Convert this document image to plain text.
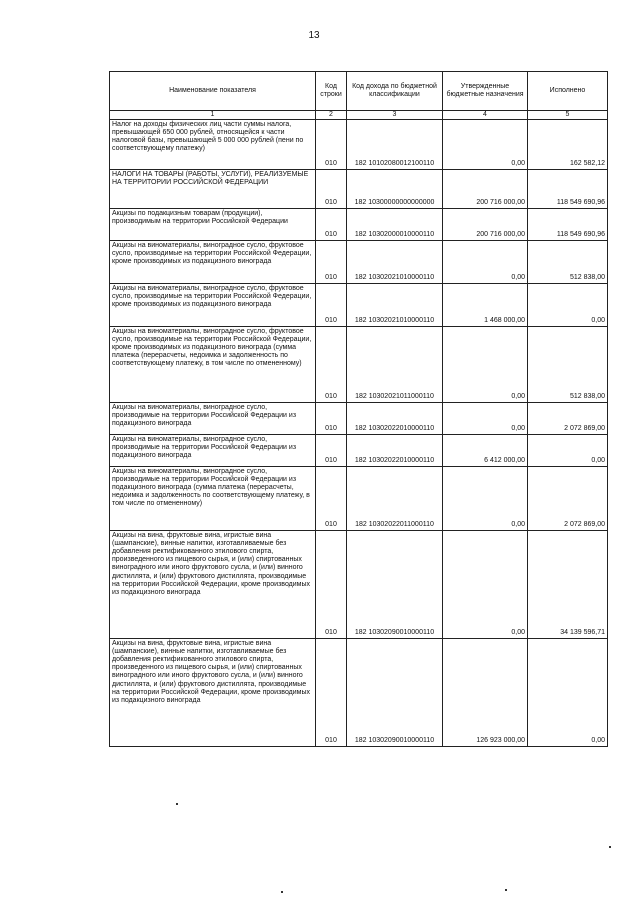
13
Наименование показателя	Код строки	Код дохода по бюджетной классификации	Утвержденные бюджетные назначения	Исполнено
1	2	3	4	5
Налог на доходы физических лиц части суммы налога, превышающей 650 000 рублей, относящейся к части налоговой базы, превышающей 5 000 000 рублей (пени по соответствующему платежу)	010	182 10102080012100110	0,00	162 582,12
НАЛОГИ НА ТОВАРЫ (РАБОТЫ, УСЛУГИ), РЕАЛИЗУЕМЫЕ НА ТЕРРИТОРИИ РОССИЙСКОЙ ФЕДЕРАЦИИ	010	182 10300000000000000	200 716 000,00	118 549 690,96
Акцизы по подакцизным товарам (продукции), производимым на территории Российской Федерации	010	182 10302000010000110	200 716 000,00	118 549 690,96
Акцизы на виноматериалы, виноградное сусло, фруктовое сусло, производимые на территории Российской Федерации, кроме производимых из подакцизного винограда	010	182 10302021010000110	0,00	512 838,00
Акцизы на виноматериалы, виноградное сусло, фруктовое сусло, производимые на территории Российской Федерации, кроме производимых из подакцизного винограда	010	182 10302021010000110	1 468 000,00	0,00
Акцизы на виноматериалы, виноградное сусло, фруктовое сусло, производимые на территории Российской Федерации, кроме производимых из подакцизного винограда (сумма платежа (перерасчеты, недоимка и задолженность по соответствующему платежу, в том числе по отмененному)	010	182 10302021011000110	0,00	512 838,00
Акцизы на виноматериалы, виноградное сусло, производимые на территории Российской Федерации из подакцизного винограда	010	182 10302022010000110	0,00	2 072 869,00
Акцизы на виноматериалы, виноградное сусло, производимые на территории Российской Федерации из подакцизного винограда	010	182 10302022010000110	6 412 000,00	0,00
Акцизы на виноматериалы, виноградное сусло, производимые на территории Российской Федерации из подакцизного винограда (сумма платежа (перерасчеты, недоимка и задолженность по соответствующему платежу, в том числе по отмененному)	010	182 10302022011000110	0,00	2 072 869,00
Акцизы на вина, фруктовые вина, игристые вина (шампанские), винные напитки, изготавливаемые без добавления ректификованного этилового спирта, произведенного из пищевого сырья, и (или) спиртованных виноградного или иного фруктового сусла, и (или) винного дистиллята, и (или) фруктового дистиллята, производимые на территории Российской Федерации, кроме производимых из подакцизного винограда	010	182 10302090010000110	0,00	34 139 596,71
Акцизы на вина, фруктовые вина, игристые вина (шампанские), винные напитки, изготавливаемые без добавления ректификованного этилового спирта, произведенного из пищевого сырья, и (или) спиртованных виноградного или иного фруктового сусла, и (или) винного дистиллята, и (или) фруктового дистиллята, производимые на территории Российской Федерации, кроме производимых из подакцизного винограда	010	182 10302090010000110	126 923 000,00	0,00
